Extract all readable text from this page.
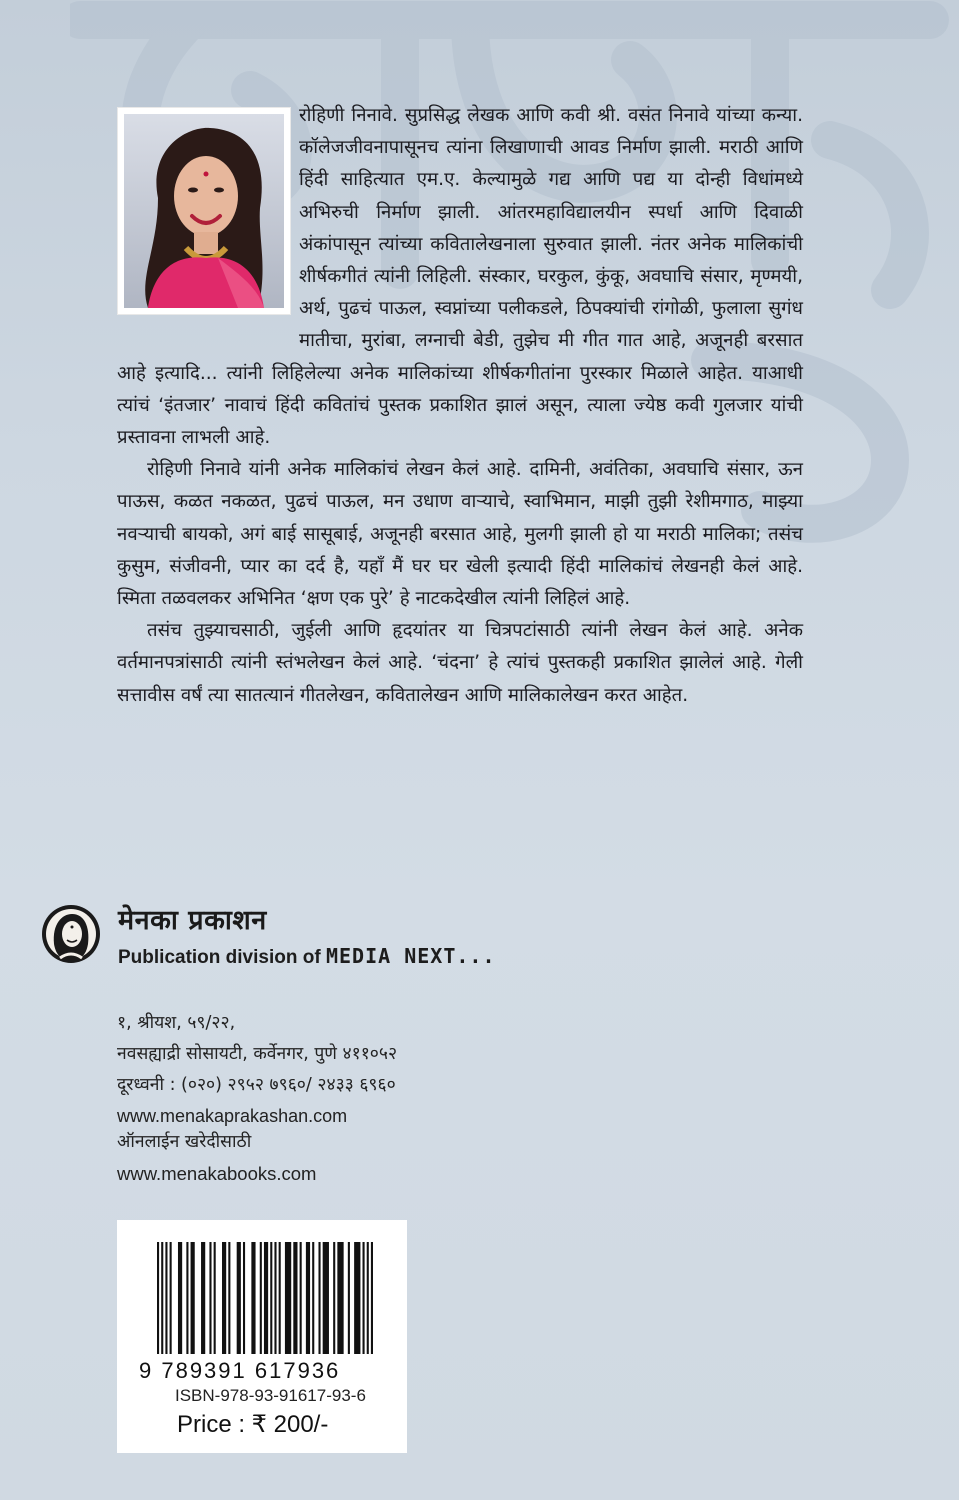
रोहिणी निनावे. सुप्रसिद्ध लेखक आणि कवी श्री. वसंत निनावे यांच्या कन्या. कॉलेजजीवनापासूनच त्यांना लिखाणाची आवड निर्माण झाली. मराठी आणि हिंदी साहित्यात एम.ए. केल्यामुळे गद्य आणि पद्य या दोन्ही विधांमध्ये अभिरुची निर्माण झाली. आंतरमहाविद्यालयीन स्पर्धा आणि दिवाळी अंकांपासून त्यांच्या कवितालेखनाला सुरुवात झाली. नंतर अनेक मालिकांची शीर्षकगीतं त्यांनी लिहिली. संस्कार, घरकुल, कुंकू, अवघाचि संसार, मृण्मयी, अर्थ, पुढचं पाऊल, स्वप्नांच्या पलीकडले, ठिपक्यांची रांगोळी, फुलाला सुगंध मातीचा, मुरांबा, लग्नाची बेडी, तुझेच मी गीत गात आहे, अजूनही बरसात आहे इत्यादि... त्यांनी लिहिलेल्या अनेक मालिकांच्या शीर्षकगीतांना पुरस्कार मिळाले आहेत. याआधी त्यांचं ‘इंतजार’ नावाचं हिंदी कवितांचं पुस्तक प्रकाशित झालं असून, त्याला ज्येष्ठ कवी गुलजार यांची प्रस्तावना लाभली आहे.

रोहिणी निनावे यांनी अनेक मालिकांचं लेखन केलं आहे. दामिनी, अवंतिका, अवघाचि संसार, ऊन पाऊस, कळत नकळत, पुढचं पाऊल, मन उधाण वाऱ्याचे, स्वाभिमान, माझी तुझी रेशीमगाठ, माझ्या नवऱ्याची बायको, अगं बाई सासूबाई, अजूनही बरसात आहे, मुलगी झाली हो या मराठी मालिका; तसंच कुसुम, संजीवनी, प्यार का दर्द है, यहाँ मैं घर घर खेली इत्यादी हिंदी मालिकांचं लेखनही केलं आहे. स्मिता तळवलकर अभिनित ‘क्षण एक पुरे’ हे नाटकदेखील त्यांनी लिहिलं आहे.

तसंच तुझ्याचसाठी, जुईली आणि हृदयांतर या चित्रपटांसाठी त्यांनी लेखन केलं आहे. अनेक वर्तमानपत्रांसाठी त्यांनी स्तंभलेखन केलं आहे. ‘चंदना’ हे त्यांचं पुस्तकही प्रकाशित झालेलं आहे. गेली सत्तावीस वर्षं त्या सातत्यानं गीतलेखन, कवितालेखन आणि मालिकालेखन करत आहेत.

मेनका प्रकाशन
Publication division of MEDIA NEXT...
१, श्रीयश, ५९/२२,
नवसह्याद्री सोसायटी, कर्वेनगर, पुणे ४११०५२
दूरध्वनी : (०२०) २९५२ ७९६०/ २४३३ ६९६०
www.menakaprakashan.com
ऑनलाईन खरेदीसाठी
www.menakabooks.com
9 789391 617936
ISBN-978-93-91617-93-6
Price : ₹ 200/-
